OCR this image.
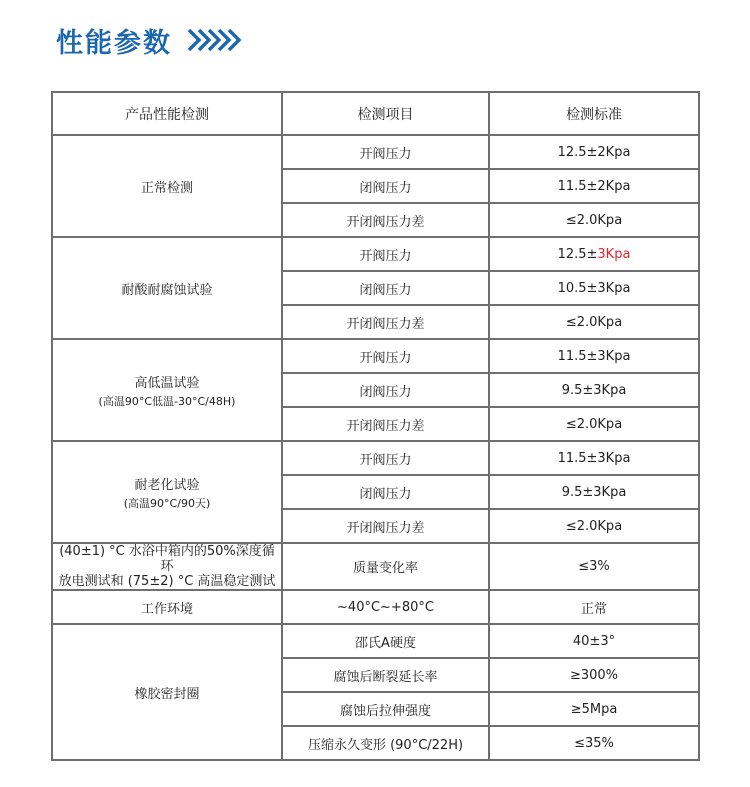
性能参数
产品性能检测	检测项目	检测标准
正常检测	开阀压力	12.5±2Kpa
	闭阀压力	11.5±2Kpa
	开闭阀压力差	≤2.0Kpa
耐酸耐腐蚀试验	开阀压力	12.5±3Kpa
	闭阀压力	10.5±3Kpa
	开闭阀压力差	≤2.0Kpa
高低温试验
(高温90°C低温-30°C/48H)	开阀压力	11.5±3Kpa
	闭阀压力	9.5±3Kpa
	开闭阀压力差	≤2.0Kpa
耐老化试验
(高温90°C/90天)	开阀压力	11.5±3Kpa
	闭阀压力	9.5±3Kpa
	开闭阀压力差	≤2.0Kpa

(40±1) °C 水浴中箱内的50%深度循环
放电测试和 (75±2) °C 高温稳定测试	质量变化率	≤3%
工作环境	~40°C~+80°C	正常
橡胶密封圈	邵氏A硬度	40±3°
	腐蚀后断裂延长率	≥300%
	腐蚀后拉伸强度	≥5Mpa
	压缩永久变形 (90°C/22H)	≤35%
